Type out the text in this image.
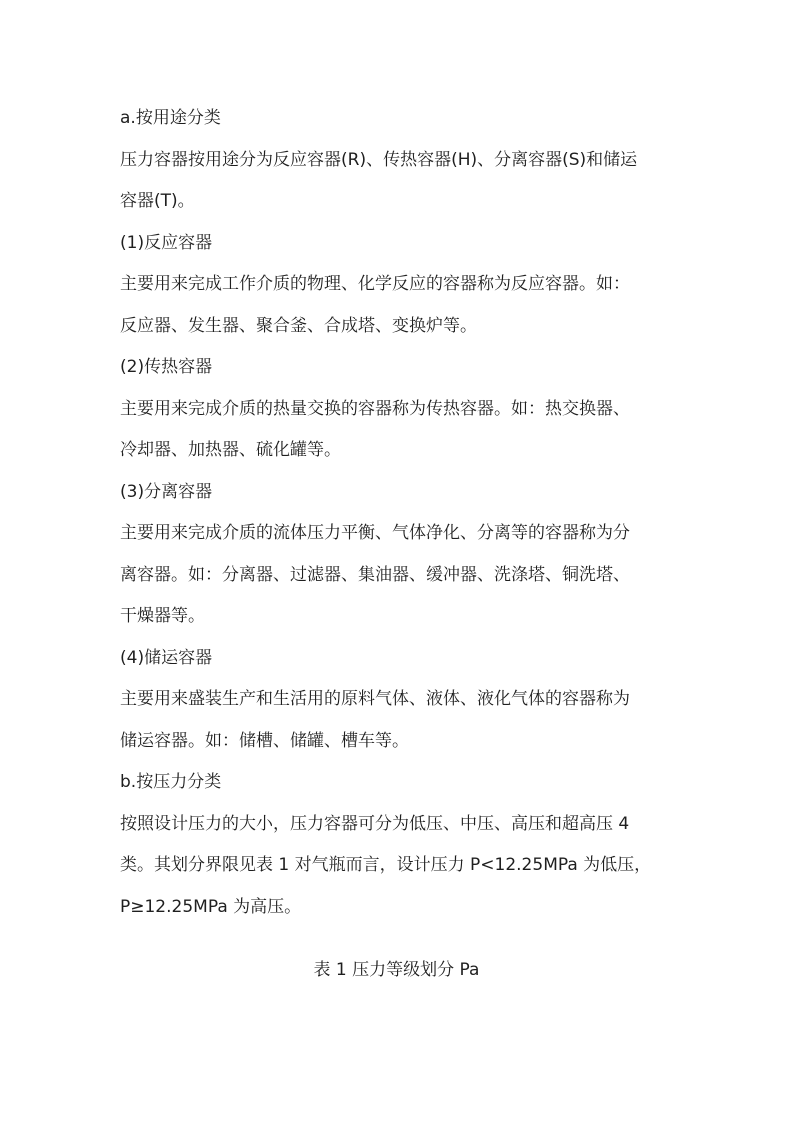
a.按用途分类
压力容器按用途分为反应容器(R)、传热容器(H)、分离容器(S)和储运
容器(T)。
(1)反应容器
主要用来完成工作介质的物理、化学反应的容器称为反应容器。如：
反应器、发生器、聚合釜、合成塔、变换炉等。
(2)传热容器
主要用来完成介质的热量交换的容器称为传热容器。如：热交换器、
冷却器、加热器、硫化罐等。
(3)分离容器
主要用来完成介质的流体压力平衡、气体净化、分离等的容器称为分
离容器。如：分离器、过滤器、集油器、缓冲器、洗涤塔、铜洗塔、
干燥器等。
(4)储运容器
主要用来盛装生产和生活用的原料气体、液体、液化气体的容器称为
储运容器。如：储槽、储罐、槽车等。
b.按压力分类
按照设计压力的大小，压力容器可分为低压、中压、高压和超高压 4
类。其划分界限见表 1 对气瓶而言，设计压力 P<12.25MPa 为低压，
P≥12.25MPa 为高压。
表 1 压力等级划分 Pa
